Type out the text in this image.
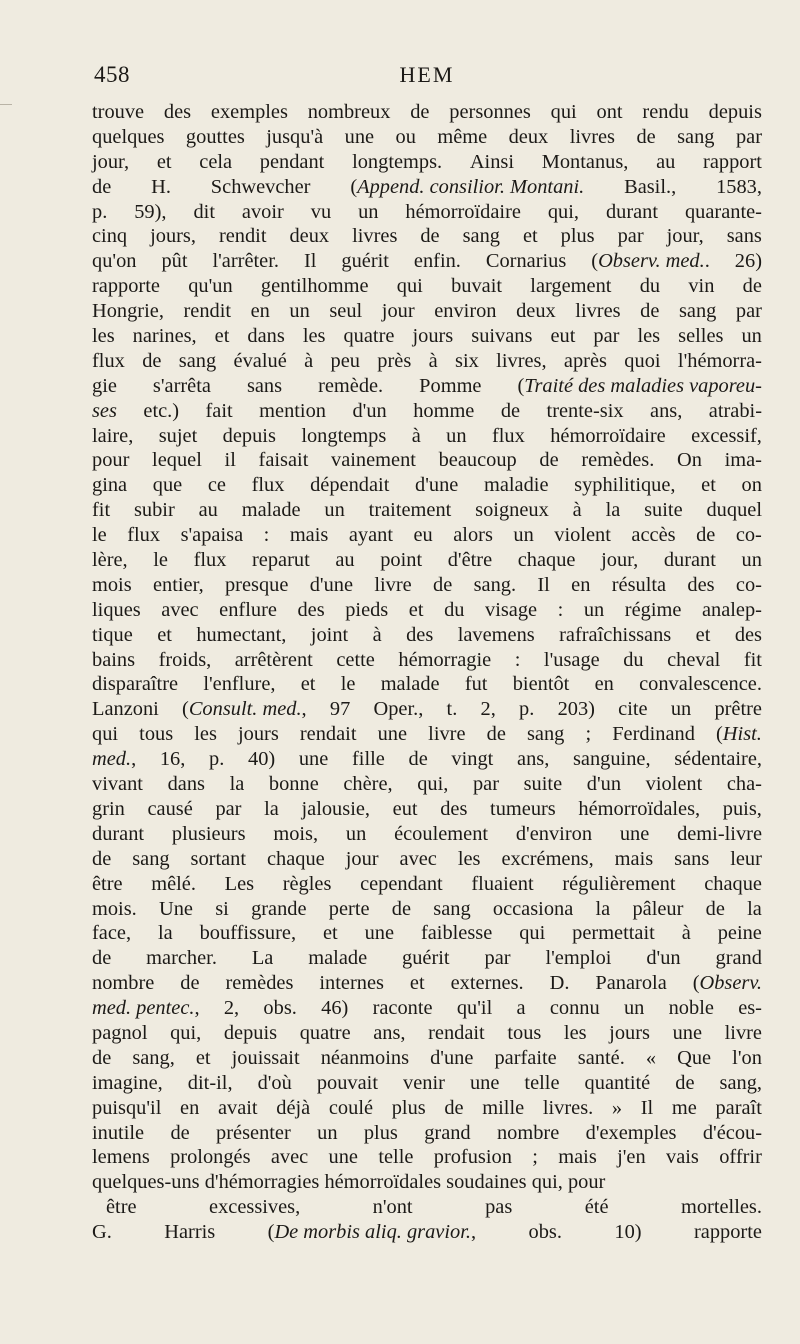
458	HEM
trouve des exemples nombreux de personnes qui ont rendu depuis
quelques gouttes jusqu'à une ou même deux livres de sang par
jour, et cela pendant longtemps. Ainsi Montanus, au rapport
de H. Schwevcher (Append. consilior. Montani. Basil., 1583,
p. 59), dit avoir vu un hémorroïdaire qui, durant quarante-
cinq jours, rendit deux livres de sang et plus par jour, sans
qu'on pût l'arrêter. Il guérit enfin. Cornarius (Observ. med.. 26)
rapporte qu'un gentilhomme qui buvait largement du vin de
Hongrie, rendit en un seul jour environ deux livres de sang par
les narines, et dans les quatre jours suivans eut par les selles un
flux de sang évalué à peu près à six livres, après quoi l'hémorra-
gie s'arrêta sans remède. Pomme (Traité des maladies vaporeu-
ses etc.) fait mention d'un homme de trente-six ans, atrabi-
laire, sujet depuis longtemps à un flux hémorroïdaire excessif,
pour lequel il faisait vainement beaucoup de remèdes. On ima-
gina que ce flux dépendait d'une maladie syphilitique, et on
fit subir au malade un traitement soigneux à la suite duquel
le flux s'apaisa : mais ayant eu alors un violent accès de co-
lère, le flux reparut au point d'être chaque jour, durant un
mois entier, presque d'une livre de sang. Il en résulta des co-
liques avec enflure des pieds et du visage : un régime analep-
tique et humectant, joint à des lavemens rafraîchissans et des
bains froids, arrêtèrent cette hémorragie : l'usage du cheval fit
disparaître l'enflure, et le malade fut bientôt en convalescence.
Lanzoni (Consult. med., 97 Oper., t. 2, p. 203) cite un prêtre
qui tous les jours rendait une livre de sang ; Ferdinand (Hist.
med., 16, p. 40) une fille de vingt ans, sanguine, sédentaire,
vivant dans la bonne chère, qui, par suite d'un violent cha-
grin causé par la jalousie, eut des tumeurs hémorroïdales, puis,
durant plusieurs mois, un écoulement d'environ une demi-livre
de sang sortant chaque jour avec les excrémens, mais sans leur
être mêlé. Les règles cependant fluaient régulièrement chaque
mois. Une si grande perte de sang occasiona la pâleur de la
face, la bouffissure, et une faiblesse qui permettait à peine
de marcher. La malade guérit par l'emploi d'un grand
nombre de remèdes internes et externes. D. Panarola (Observ.
med. pentec., 2, obs. 46) raconte qu'il a connu un noble es-
pagnol qui, depuis quatre ans, rendait tous les jours une livre
de sang, et jouissait néanmoins d'une parfaite santé. « Que l'on
imagine, dit-il, d'où pouvait venir une telle quantité de sang,
puisqu'il en avait déjà coulé plus de mille livres. » Il me paraît
inutile de présenter un plus grand nombre d'exemples d'écou-
lemens prolongés avec une telle profusion ; mais j'en vais offrir
quelques-uns d'hémorragies hémorroïdales soudaines qui, pour
être	excessives,	n'ont	pas	été	mortelles.
G.	Harris	(De morbis aliq. gravior.,	obs.	10)	rapporte
